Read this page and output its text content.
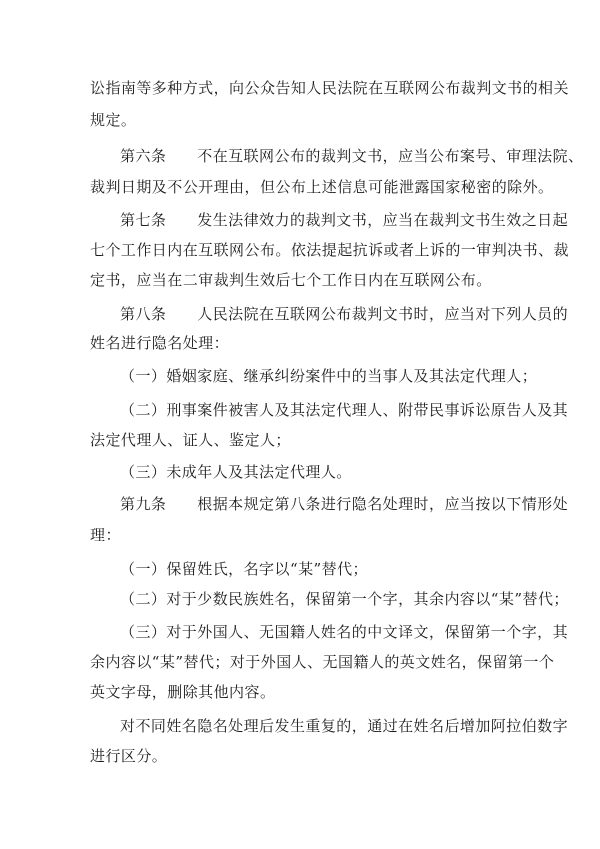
讼指南等多种方式，向公众告知人民法院在互联网公布裁判文书的相关

规定。

第六条　　不在互联网公布的裁判文书，应当公布案号、审理法院、

裁判日期及不公开理由，但公布上述信息可能泄露国家秘密的除外。

第七条　　发生法律效力的裁判文书，应当在裁判文书生效之日起

七个工作日内在互联网公布。依法提起抗诉或者上诉的一审判决书、裁

定书，应当在二审裁判生效后七个工作日内在互联网公布。

第八条　　人民法院在互联网公布裁判文书时，应当对下列人员的

姓名进行隐名处理：

（一）婚姻家庭、继承纠纷案件中的当事人及其法定代理人；

（二）刑事案件被害人及其法定代理人、附带民事诉讼原告人及其

法定代理人、证人、鉴定人；

（三）未成年人及其法定代理人。

第九条　　根据本规定第八条进行隐名处理时，应当按以下情形处

理：

（一）保留姓氏，名字以“某”替代；

（二）对于少数民族姓名，保留第一个字，其余内容以“某”替代；

（三）对于外国人、无国籍人姓名的中文译文，保留第一个字，其

余内容以“某”替代；对于外国人、无国籍人的英文姓名，保留第一个

英文字母，删除其他内容。

对不同姓名隐名处理后发生重复的，通过在姓名后增加阿拉伯数字

进行区分。
